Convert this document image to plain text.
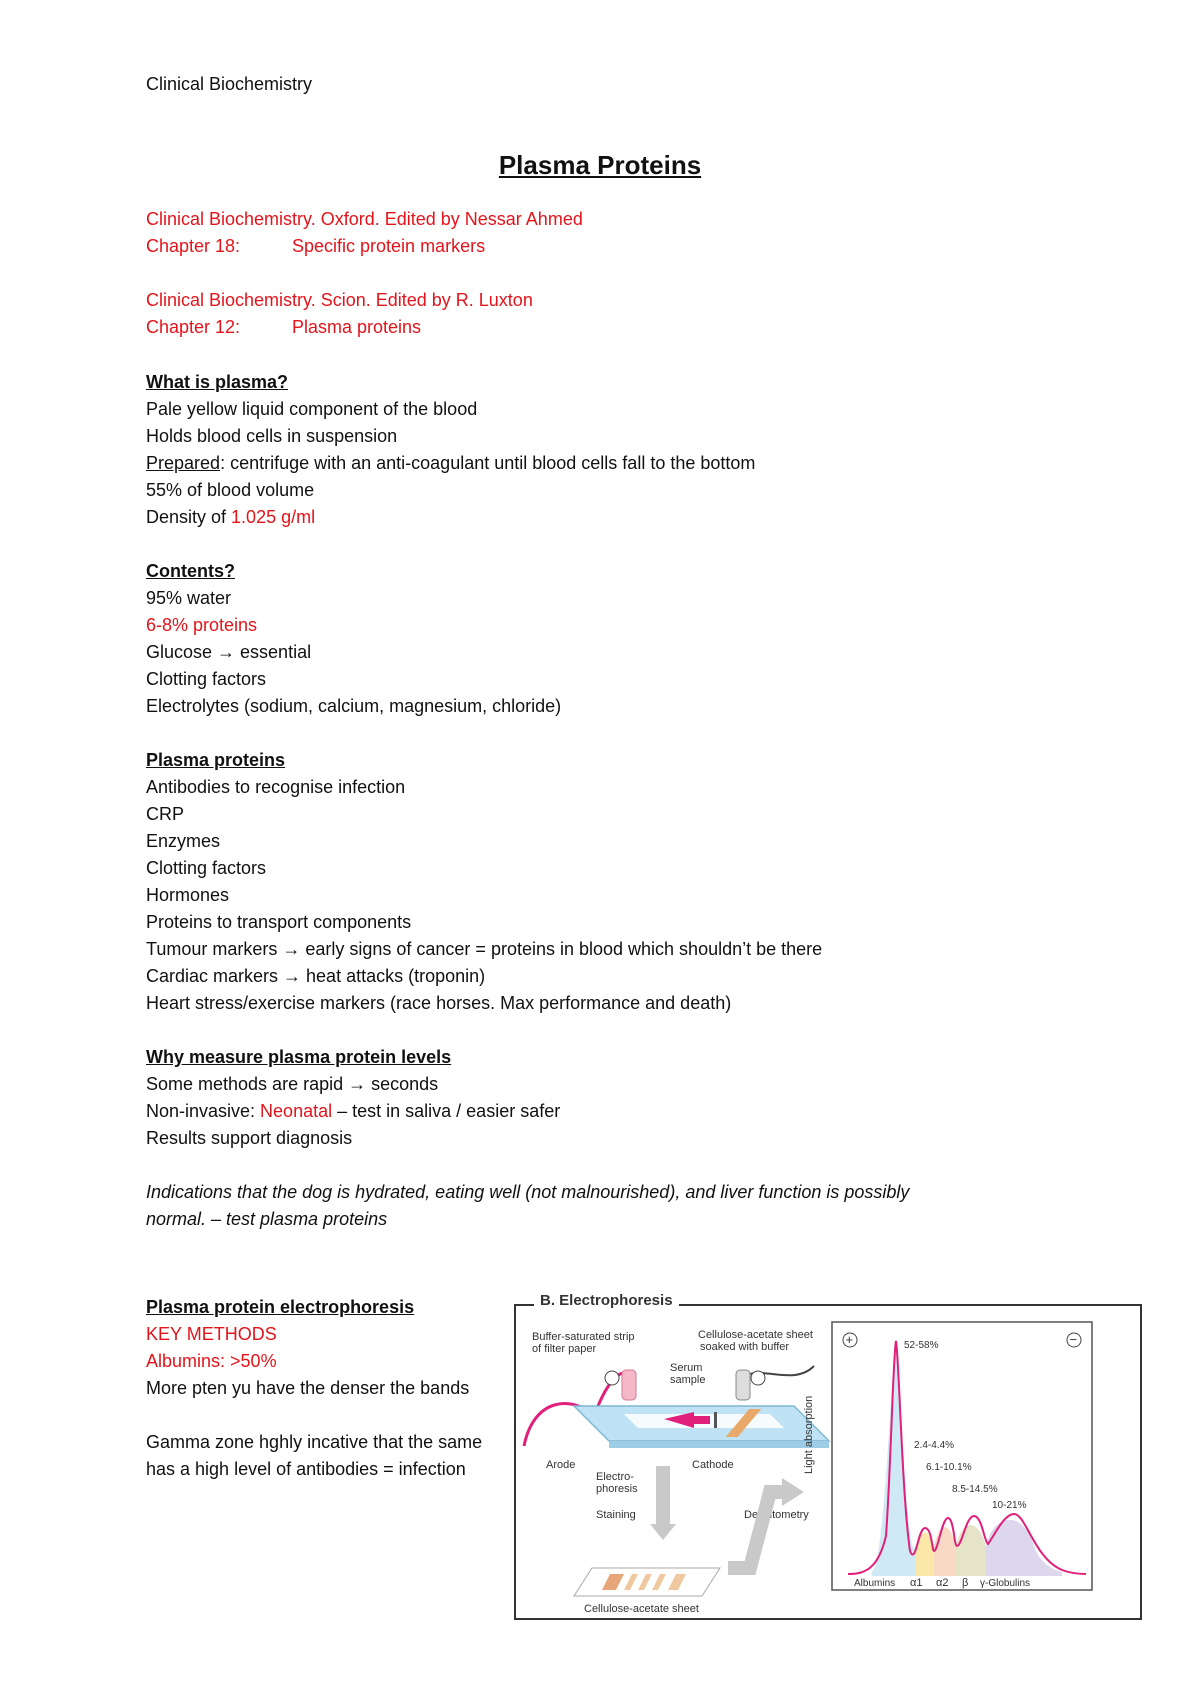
Clinical Biochemistry
Plasma Proteins
Clinical Biochemistry. Oxford. Edited by Nessar Ahmed
Chapter 18:	Specific protein markers
Clinical Biochemistry. Scion. Edited by R. Luxton
Chapter 12:	Plasma proteins
What is plasma?
Pale yellow liquid component of the blood
Holds blood cells in suspension
Prepared: centrifuge with an anti-coagulant until blood cells fall to the bottom
55% of blood volume
Density of 1.025 g/ml
Contents?
95% water
6-8% proteins
Glucose → essential
Clotting factors
Electrolytes (sodium, calcium, magnesium, chloride)
Plasma proteins
Antibodies to recognise infection
CRP
Enzymes
Clotting factors
Hormones
Proteins to transport components
Tumour markers → early signs of cancer = proteins in blood which shouldn’t be there
Cardiac markers → heat attacks (troponin)
Heart stress/exercise markers (race horses. Max performance and death)
Why measure plasma protein levels
Some methods are rapid → seconds
Non-invasive: Neonatal – test in saliva / easier safer
Results support diagnosis
Indications that the dog is hydrated, eating well (not malnourished), and liver function is possibly
normal. – test plasma proteins
Plasma protein electrophoresis
KEY METHODS
Albumins: >50%
More pten yu have the denser the bands
Gamma zone hghly incative that the same has a high level of antibodies = infection
B. Electrophoresis
Buffer-saturated strip
of filter paper
Cellulose-acetate sheet
soaked with buffer
Serum
sample
Arode	Cathode
Electro-
phoresis
Staining	Densitometry
Cellulose-acetate sheet
Light absorption
+	−
52-58%
2.4-4.4%
6.1-10.1%
8.5-14.5%
10-21%
Albumins α1 α2 β γ-Globulins
